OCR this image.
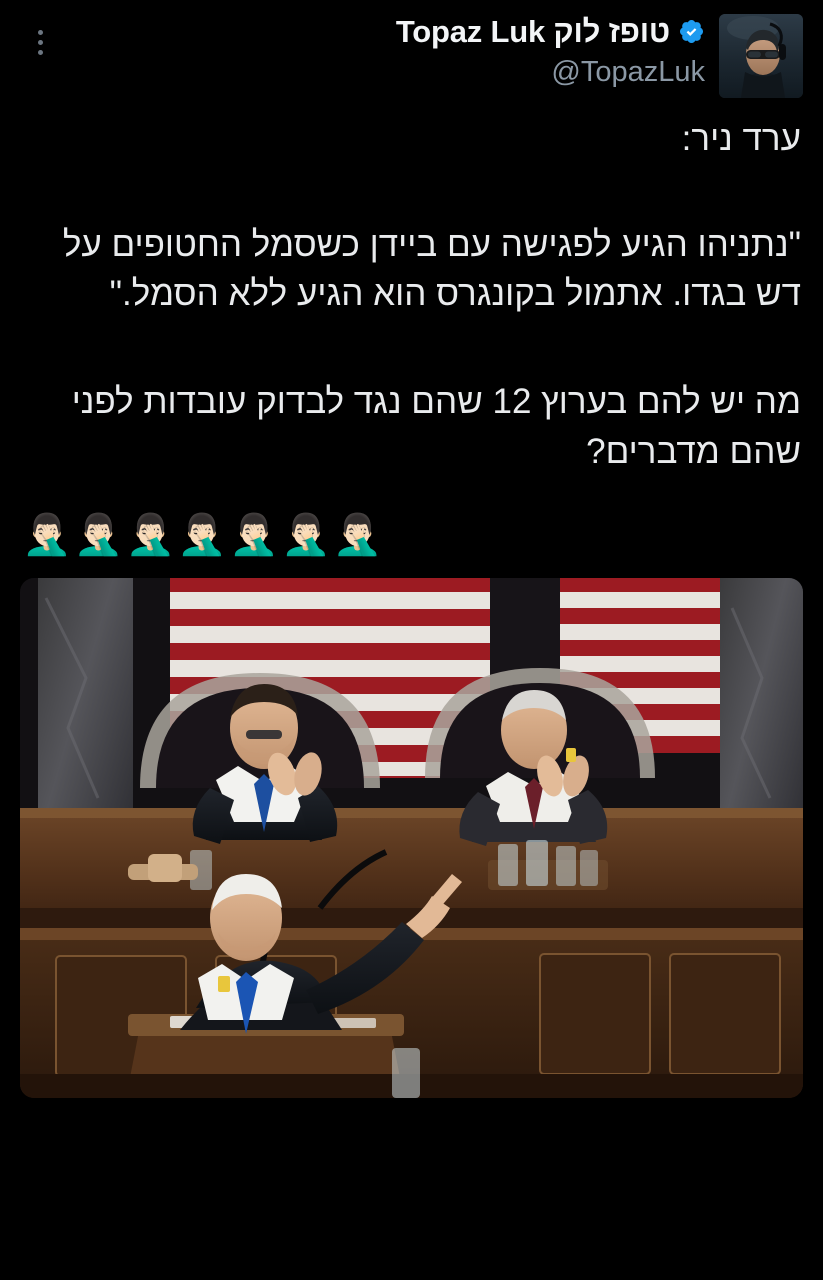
טופז לוק Topaz Luk
@TopazLuk

ערד ניר:

"נתניהו הגיע לפגישה עם ביידן כשסמל החטופים על דש בגדו. אתמול בקונגרס הוא הגיע ללא הסמל."

מה יש להם בערוץ 12 שהם נגד לבדוק עובדות לפני שהם מדברים?

🤦🏻‍♂️🤦🏻‍♂️🤦🏻‍♂️🤦🏻‍♂️🤦🏻‍♂️🤦🏻‍♂️🤦🏻‍♂️
